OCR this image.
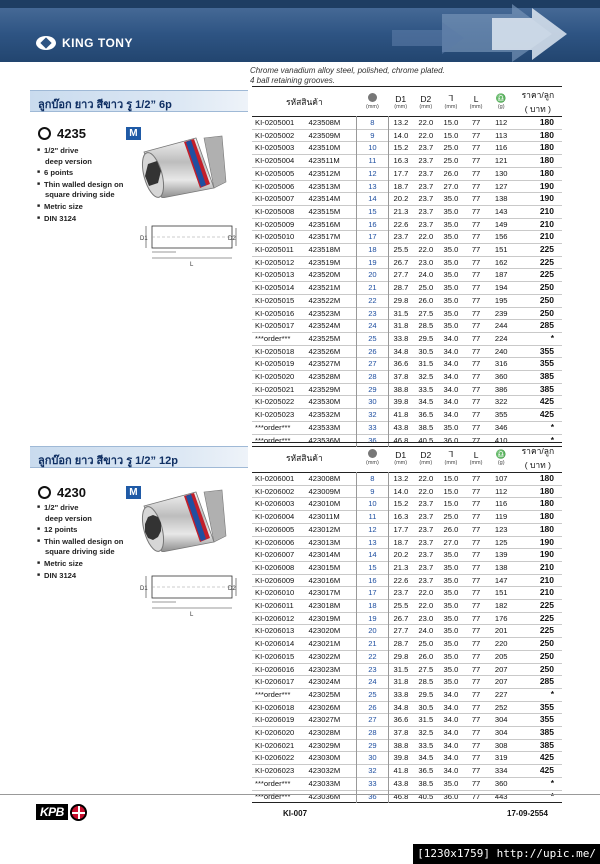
KING TONY
Chrome vanadium alloy steel, polished, chrome plated.
4 ball retaining grooves.
ลูกบ๊อก ยาว สีขาว รู 1/2” 6p
4235	M
■ 1/2" drive
deep version
■ 6 points
■ Thin walled design on
square driving side
■ Metric size
■ DIN 3124
D1	D2
L
รหัสสินค้า		(mm)	D1
(mm)	D2
(mm)	⅂
(mm)	L
(mm)	♎
(g)	ราคา/ลูก
( บาท )

KI-0205001	423508M	8	13.2	22.0	15.0	77	112	180
KI-0205002	423509M	9	14.0	22.0	15.0	77	113	180
KI-0205003	423510M	10	15.2	23.7	25.0	77	116	180
KI-0205004	423511M	11	16.3	23.7	25.0	77	121	180
KI-0205005	423512M	12	17.7	23.7	26.0	77	130	180
KI-0205006	423513M	13	18.7	23.7	27.0	77	127	190
KI-0205007	423514M	14	20.2	23.7	35.0	77	138	190
KI-0205008	423515M	15	21.3	23.7	35.0	77	143	210
KI-0205009	423516M	16	22.6	23.7	35.0	77	149	210
KI-0205010	423517M	17	23.7	22.0	35.0	77	156	210
KI-0205011	423518M	18	25.5	22.0	35.0	77	151	225
KI-0205012	423519M	19	26.7	23.0	35.0	77	162	225
KI-0205013	423520M	20	27.7	24.0	35.0	77	187	225
KI-0205014	423521M	21	28.7	25.0	35.0	77	194	250
KI-0205015	423522M	22	29.8	26.0	35.0	77	195	250
KI-0205016	423523M	23	31.5	27.5	35.0	77	239	250
KI-0205017	423524M	24	31.8	28.5	35.0	77	244	285
***order***	423525M	25	33.8	29.5	34.0	77	224	*
KI-0205018	423526M	26	34.8	30.5	34.0	77	240	355
KI-0205019	423527M	27	36.6	31.5	34.0	77	316	355
KI-0205020	423528M	28	37.8	32.5	34.0	77	360	385
KI-0205021	423529M	29	38.8	33.5	34.0	77	386	385
KI-0205022	423530M	30	39.8	34.5	34.0	77	322	425
KI-0205023	423532M	32	41.8	36.5	34.0	77	355	425
***order***	423533M	33	43.8	38.5	35.0	77	346	*
***order***	423536M	36	46.8	40.5	36.0	77	410	*
ลูกบ๊อก ยาว สีขาว รู 1/2” 12p
4230	M
■ 1/2" drive
deep version
■ 12 points
■ Thin walled design on
square driving side
■ Metric size
■ DIN 3124
D1	D2
L
รหัสสินค้า		(mm)	D1
(mm)	D2
(mm)	⅂
(mm)	L
(mm)	♎
(g)	ราคา/ลูก
( บาท )

KI-0206001	423008M	8	13.2	22.0	15.0	77	107	180
KI-0206002	423009M	9	14.0	22.0	15.0	77	112	180
KI-0206003	423010M	10	15.2	23.7	15.0	77	116	180
KI-0206004	423011M	11	16.3	23.7	25.0	77	119	180
KI-0206005	423012M	12	17.7	23.7	26.0	77	123	180
KI-0206006	423013M	13	18.7	23.7	27.0	77	125	190
KI-0206007	423014M	14	20.2	23.7	35.0	77	139	190
KI-0206008	423015M	15	21.3	23.7	35.0	77	138	210
KI-0206009	423016M	16	22.6	23.7	35.0	77	147	210
KI-0206010	423017M	17	23.7	22.0	35.0	77	151	210
KI-0206011	423018M	18	25.5	22.0	35.0	77	182	225
KI-0206012	423019M	19	26.7	23.0	35.0	77	176	225
KI-0206013	423020M	20	27.7	24.0	35.0	77	201	225
KI-0206014	423021M	21	28.7	25.0	35.0	77	220	250
KI-0206015	423022M	22	29.8	26.0	35.0	77	205	250
KI-0206016	423023M	23	31.5	27.5	35.0	77	207	250
KI-0206017	423024M	24	31.8	28.5	35.0	77	207	285
***order***	423025M	25	33.8	29.5	34.0	77	227	*
KI-0206018	423026M	26	34.8	30.5	34.0	77	252	355
KI-0206019	423027M	27	36.6	31.5	34.0	77	304	355
KI-0206020	423028M	28	37.8	32.5	34.0	77	304	385
KI-0206021	423029M	29	38.8	33.5	34.0	77	308	385
KI-0206022	423030M	30	39.8	34.5	34.0	77	319	425
KI-0206023	423032M	32	41.8	36.5	34.0	77	334	425
***order***	423033M	33	43.8	38.5	35.0	77	360	*
***order***	423036M	36	46.8	40.5	36.0	77	443	*
KPB	KI-007	17-09-2554
[1230x1759] http://upic.me/
